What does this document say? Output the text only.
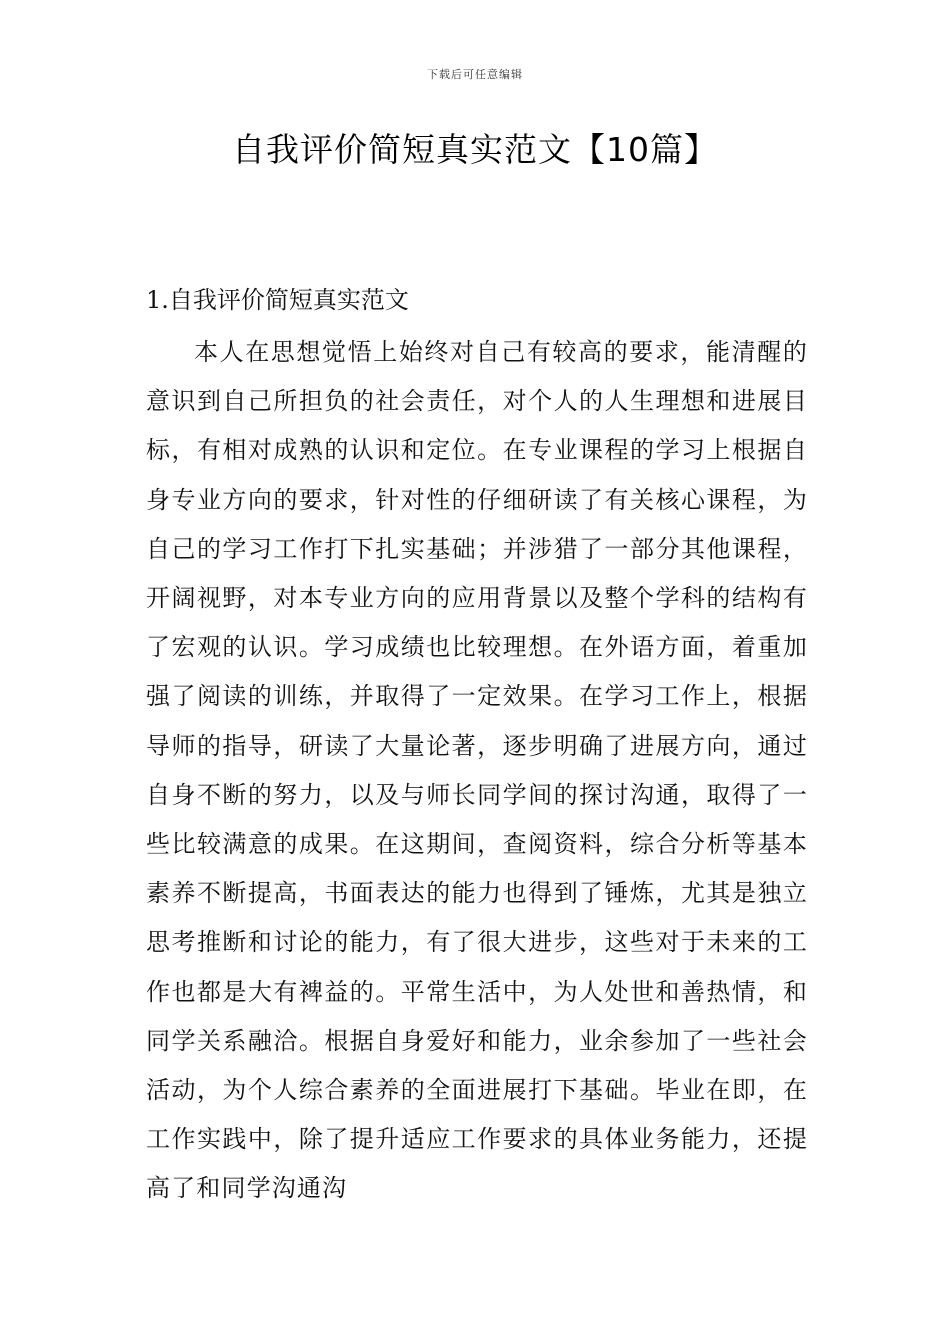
下载后可任意编辑
自我评价简短真实范文【10篇】
1.自我评价简短真实范文

本人在思想觉悟上始终对自己有较高的要求，能清醒的意识到自己所担负的社会责任，对个人的人生理想和进展目标，有相对成熟的认识和定位。在专业课程的学习上根据自身专业方向的要求，针对性的仔细研读了有关核心课程，为自己的学习工作打下扎实基础；并涉猎了一部分其他课程，开阔视野，对本专业方向的应用背景以及整个学科的结构有了宏观的认识。学习成绩也比较理想。在外语方面，着重加强了阅读的训练，并取得了一定效果。在学习工作上，根据导师的指导，研读了大量论著，逐步明确了进展方向，通过自身不断的努力，以及与师长同学间的探讨沟通，取得了一些比较满意的成果。在这期间，查阅资料，综合分析等基本素养不断提高，书面表达的能力也得到了锤炼，尤其是独立思考推断和讨论的能力，有了很大进步，这些对于未来的工作也都是大有裨益的。平常生活中，为人处世和善热情，和同学关系融洽。根据自身爱好和能力，业余参加了一些社会活动，为个人综合素养的全面进展打下基础。毕业在即，在工作实践中，除了提升适应工作要求的具体业务能力，还提高了和同学沟通沟
